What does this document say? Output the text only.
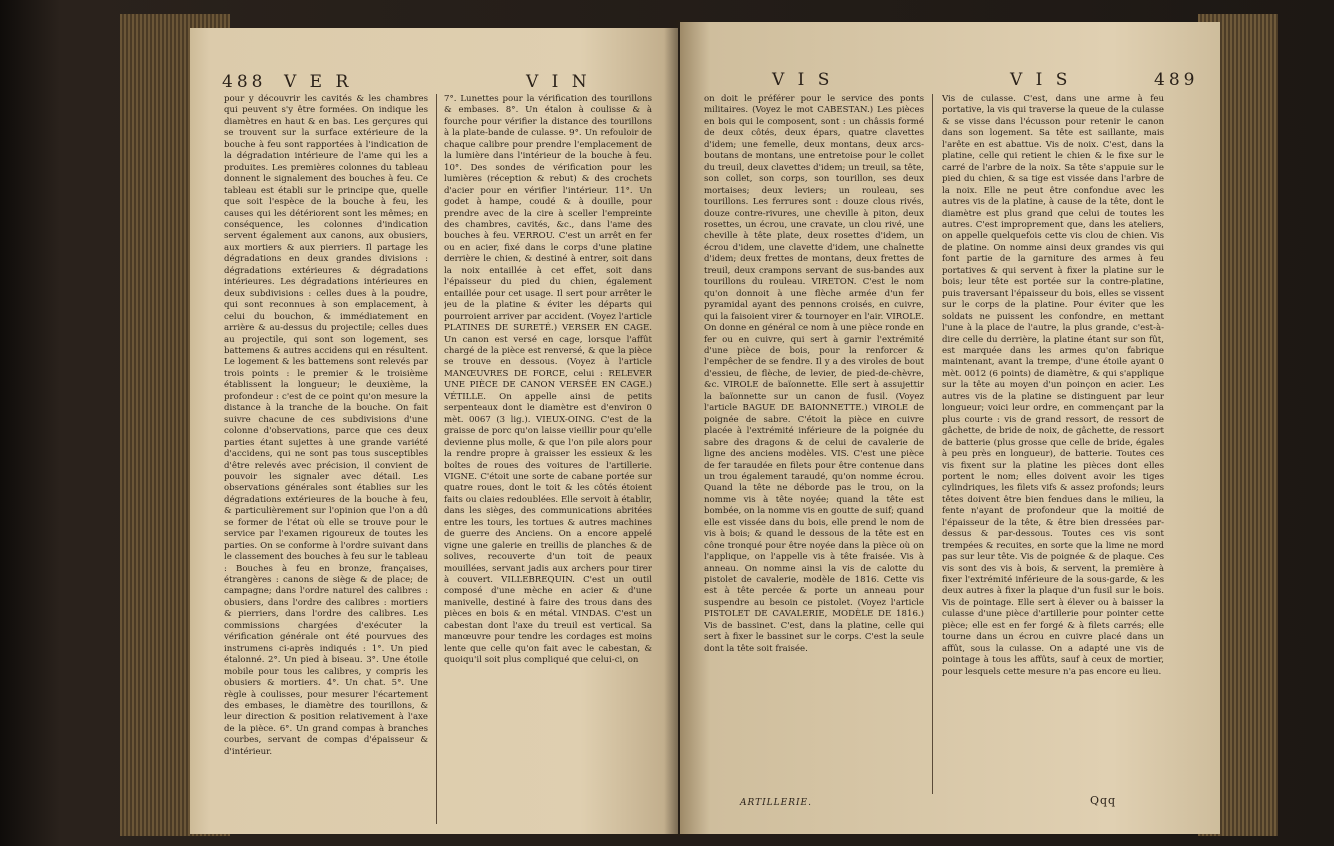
488 V E R	V I N
pour y découvrir les cavités & les chambres qui peuvent s'y être formées. On indique les diamètres en haut & en bas. Les gerçures qui se trouvent sur la surface extérieure de la bouche à feu sont rapportées à l'indication de la dégradation intérieure de l'ame qui les a produites. Les premières colonnes du tableau donnent le signalement des bouches à feu. Ce tableau est établi sur le principe que, quelle que soit l'espèce de la bouche à feu, les causes qui les détériorent sont les mêmes; en conséquence, les colonnes d'indication servent également aux canons, aux obusiers, aux mortiers & aux pierriers. Il partage les dégradations en deux grandes divisions : dégradations extérieures & dégradations intérieures. Les dégradations intérieures en deux subdivisions : celles dues à la poudre, qui sont reconnues à son emplacement, à celui du bouchon, & immédiatement en arrière & au-dessus du projectile; celles dues au projectile, qui sont son logement, ses battemens & autres accidens qui en résultent. Le logement & les battemens sont relevés par trois points : le premier & le troisième établissent la longueur; le deuxième, la profondeur : c'est de ce point qu'on mesure la distance à la tranche de la bouche. On fait suivre chacune de ces subdivisions d'une colonne d'observations, parce que ces deux parties étant sujettes à une grande variété d'accidens, qui ne sont pas tous susceptibles d'être relevés avec précision, il convient de pouvoir les signaler avec détail. Les observations générales sont établies sur les dégradations extérieures de la bouche à feu, & particulièrement sur l'opinion que l'on a dû se former de l'état où elle se trouve pour le service par l'examen rigoureux de toutes les parties. On se conforme à l'ordre suivant dans le classement des bouches à feu sur le tableau : Bouches à feu en bronze, françaises, étrangères : canons de siège & de place; de campagne; dans l'ordre naturel des calibres : obusiers, dans l'ordre des calibres : mortiers & pierriers, dans l'ordre des calibres. Les commissions chargées d'exécuter la vérification générale ont été pourvues des instrumens ci-après indiqués : 1°. Un pied étalonné. 2°. Un pied à biseau. 3°. Une étoile mobile pour tous les calibres, y compris les obusiers & mortiers. 4°. Un chat. 5°. Une règle à coulisses, pour mesurer l'écartement des embases, le diamètre des tourillons, & leur direction & position relativement à l'axe de la pièce. 6°. Un grand compas à branches courbes, servant de compas d'épaisseur & d'intérieur.
7°. Lunettes pour la vérification des tourillons & embases. 8°. Un étalon à coulisse & à fourche pour vérifier la distance des tourillons à la plate-bande de culasse. 9°. Un refouloir de chaque calibre pour prendre l'emplacement de la lumière dans l'intérieur de la bouche à feu. 10°. Des sondes de vérification pour les lumières (réception & rebut) & des crochets d'acier pour en vérifier l'intérieur. 11°. Un godet à hampe, coudé & à douille, pour prendre avec de la cire à sceller l'empreinte des chambres, cavités, &c., dans l'ame des bouches à feu. VERROU. C'est un arrêt en fer ou en acier, fixé dans le corps d'une platine derrière le chien, & destiné à entrer, soit dans la noix entaillée à cet effet, soit dans l'épaisseur du pied du chien, également entaillée pour cet usage. Il sert pour arrêter le jeu de la platine & éviter les départs qui pourroient arriver par accident. (Voyez l'article PLATINES DE SURETÉ.) VERSER EN CAGE. Un canon est versé en cage, lorsque l'affût chargé de la pièce est renversé, & que la pièce se trouve en dessous. (Voyez à l'article MANŒUVRES DE FORCE, celui : RELEVER UNE PIÈCE DE CANON VERSÉE EN CAGE.) VÉTILLE. On appelle ainsi de petits serpenteaux dont le diamètre est d'environ 0 mèt. 0067 (3 lig.). VIEUX-OING. C'est de la graisse de porc qu'on laisse vieillir pour qu'elle devienne plus molle, & que l'on pile alors pour la rendre propre à graisser les essieux & les boîtes de roues des voitures de l'artillerie. VIGNE. C'étoit une sorte de cabane portée sur quatre roues, dont le toit & les côtés étoient faits ou claies redoublées. Elle servoit à établir, dans les sièges, des communications abritées entre les tours, les tortues & autres machines de guerre des Anciens. On a encore appelé vigne une galerie en treillis de planches & de solives, recouverte d'un toit de peaux mouillées, servant jadis aux archers pour tirer à couvert. VILLEBREQUIN. C'est un outil composé d'une mèche en acier & d'une manivelle, destiné à faire des trous dans des pièces en bois & en métal. VINDAS. C'est un cabestan dont l'axe du treuil est vertical. Sa manœuvre pour tendre les cordages est moins lente que celle qu'on fait avec le cabestan, & quoiqu'il soit plus compliqué que celui-ci, on
V I S	V I S	489
on doit le préférer pour le service des ponts militaires. (Voyez le mot CABESTAN.) Les pièces en bois qui le composent, sont : un châssis formé de deux côtés, deux épars, quatre clavettes d'idem; une femelle, deux montans, deux arcs-boutans de montans, une entretoise pour le collet du treuil, deux clavettes d'idem; un treuil, sa tête, son collet, son corps, son tourillon, ses deux mortaises; deux leviers; un rouleau, ses tourillons. Les ferrures sont : douze clous rivés, douze contre-rivures, une cheville à piton, deux rosettes, un écrou, une cravate, un clou rivé, une cheville à tête plate, deux rosettes d'idem, un écrou d'idem, une clavette d'idem, une chaînette d'idem; deux frettes de montans, deux frettes de treuil, deux crampons servant de sus-bandes aux tourillons du rouleau. VIRETON. C'est le nom qu'on donnoit à une flèche armée d'un fer pyramidal ayant des pennons croisés, en cuivre, qui la faisoient virer & tournoyer en l'air. VIROLE. On donne en général ce nom à une pièce ronde en fer ou en cuivre, qui sert à garnir l'extrémité d'une pièce de bois, pour la renforcer & l'empêcher de se fendre. Il y a des viroles de bout d'essieu, de flèche, de levier, de pied-de-chèvre, &c. VIROLE de baïonnette. Elle sert à assujettir la baïonnette sur un canon de fusil. (Voyez l'article BAGUE DE BAIONNETTE.) VIROLE de poignée de sabre. C'étoit la pièce en cuivre placée à l'extrémité inférieure de la poignée du sabre des dragons & de celui de cavalerie de ligne des anciens modèles. VIS. C'est une pièce de fer taraudée en filets pour être contenue dans un trou également taraudé, qu'on nomme écrou. Quand la tête ne déborde pas le trou, on la nomme vis à tête noyée; quand la tête est bombée, on la nomme vis en goutte de suif; quand elle est vissée dans du bois, elle prend le nom de vis à bois; & quand le dessous de la tête est en cône tronqué pour être noyée dans la pièce où on l'applique, on l'appelle vis à tête fraisée. Vis à anneau. On nomme ainsi la vis de calotte du pistolet de cavalerie, modèle de 1816. Cette vis est à tête percée & porte un anneau pour suspendre au besoin ce pistolet. (Voyez l'article PISTOLET DE CAVALERIE, MODÈLE DE 1816.) Vis de bassinet. C'est, dans la platine, celle qui sert à fixer le bassinet sur le corps. C'est la seule dont la tête soit fraisée.
ARTILLERIE.
Vis de culasse. C'est, dans une arme à feu portative, la vis qui traverse la queue de la culasse & se visse dans l'écusson pour retenir le canon dans son logement. Sa tête est saillante, mais l'arête en est abattue. Vis de noix. C'est, dans la platine, celle qui retient le chien & le fixe sur le carré de l'arbre de la noix. Sa tête s'appuie sur le pied du chien, & sa tige est vissée dans l'arbre de la noix. Elle ne peut être confondue avec les autres vis de la platine, à cause de la tête, dont le diamètre est plus grand que celui de toutes les autres. C'est improprement que, dans les ateliers, on appelle quelquefois cette vis clou de chien. Vis de platine. On nomme ainsi deux grandes vis qui font partie de la garniture des armes à feu portatives & qui servent à fixer la platine sur le bois; leur tête est portée sur la contre-platine, puis traversant l'épaisseur du bois, elles se vissent sur le corps de la platine. Pour éviter que les soldats ne puissent les confondre, en mettant l'une à la place de l'autre, la plus grande, c'est-à-dire celle du derrière, la platine étant sur son fût, est marquée dans les armes qu'on fabrique maintenant, avant la trempe, d'une étoile ayant 0 mèt. 0012 (6 points) de diamètre, & qui s'applique sur la tête au moyen d'un poinçon en acier. Les autres vis de la platine se distinguent par leur longueur; voici leur ordre, en commençant par la plus courte : vis de grand ressort, de ressort de gâchette, de bride de noix, de gâchette, de ressort de batterie (plus grosse que celle de bride, égales à peu près en longueur), de batterie. Toutes ces vis fixent sur la platine les pièces dont elles portent le nom; elles doivent avoir les tiges cylindriques, les filets vifs & assez profonds; leurs têtes doivent être bien fendues dans le milieu, la fente n'ayant de profondeur que la moitié de l'épaisseur de la tête, & être bien dressées par-dessus & par-dessous. Toutes ces vis sont trempées & recuites, en sorte que la lime ne mord pas sur leur tête. Vis de poignée & de plaque. Ces vis sont des vis à bois, & servent, la première à fixer l'extrémité inférieure de la sous-garde, & les deux autres à fixer la plaque d'un fusil sur le bois. Vis de pointage. Elle sert à élever ou à baisser la culasse d'une pièce d'artillerie pour pointer cette pièce; elle est en fer forgé & à filets carrés; elle tourne dans un écrou en cuivre placé dans un affût, sous la culasse. On a adapté une vis de pointage à tous les affûts, sauf à ceux de mortier, pour lesquels cette mesure n'a pas encore eu lieu.
Qqq
